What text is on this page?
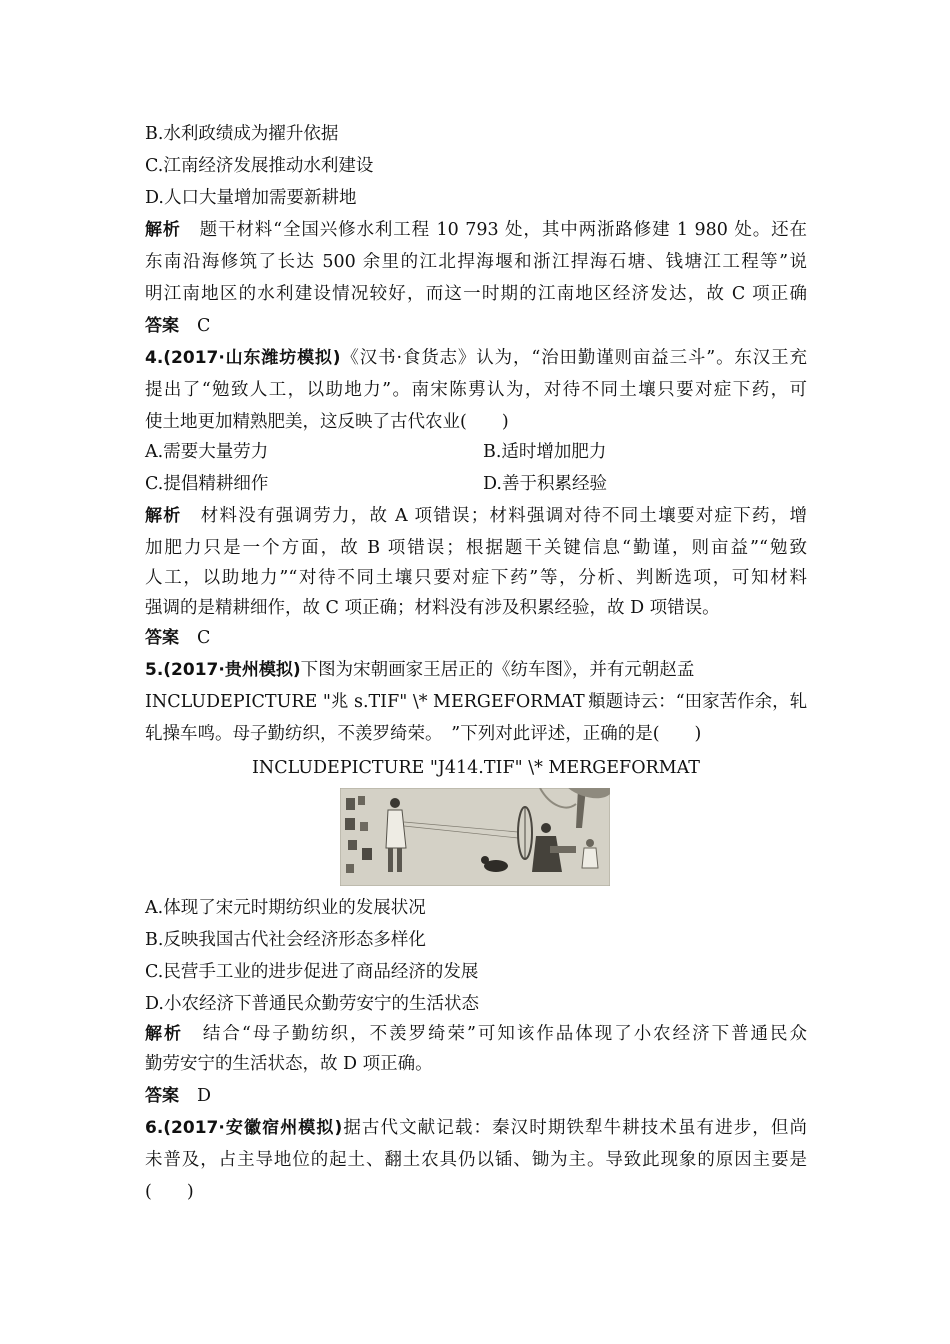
B.水利政绩成为擢升依据
C.江南经济发展推动水利建设
D.人口大量增加需要新耕地
解析 题干材料“全国兴修水利工程 10 793 处，其中两浙路修建 1 980 处。还在
东南沿海修筑了长达 500 余里的江北捍海堰和浙江捍海石塘、钱塘江工程等”说
明江南地区的水利建设情况较好，而这一时期的江南地区经济发达，故 C 项正确
答案 C
4.(2017·山东潍坊模拟)《汉书·食货志》认为，“治田勤谨则亩益三斗”。东汉王充
提出了“勉致人工，以助地力”。南宋陈旉认为，对待不同土壤只要对症下药，可
使土地更加精熟肥美，这反映了古代农业(　　)
A.需要大量劳力	B.适时增加肥力
C.提倡精耕细作	D.善于积累经验
解析 材料没有强调劳力，故 A 项错误；材料强调对待不同土壤要对症下药，增
加肥力只是一个方面，故 B 项错误；根据题干关键信息“勤谨，则亩益”“勉致
人工，以助地力”“对待不同土壤只要对症下药”等，分析、判断选项，可知材料
强调的是精耕细作，故 C 项正确；材料没有涉及积累经验，故 D 项错误。
答案 C
5.(2017·贵州模拟)下图为宋朝画家王居正的《纺车图》，并有元朝赵孟
INCLUDEPICTURE "兆 s.TIF" \* MERGEFORMAT  頫题诗云：“田家苦作余，轧
轧操车鸣。母子勤纺织，不羡罗绮荣。　”下列对此评述，正确的是(　　)
INCLUDEPICTURE "J414.TIF" \* MERGEFORMAT
A.体现了宋元时期纺织业的发展状况
B.反映我国古代社会经济形态多样化
C.民营手工业的进步促进了商品经济的发展
D.小农经济下普通民众勤劳安宁的生活状态
解析 结合“母子勤纺织，不羡罗绮荣”可知该作品体现了小农经济下普通民众
勤劳安宁的生活状态，故 D 项正确。
答案 D
6.(2017·安徽宿州模拟)据古代文献记载：秦汉时期铁犁牛耕技术虽有进步，但尚
未普及，占主导地位的起土、翻土农具仍以锸、锄为主。导致此现象的原因主要是
(　　)
